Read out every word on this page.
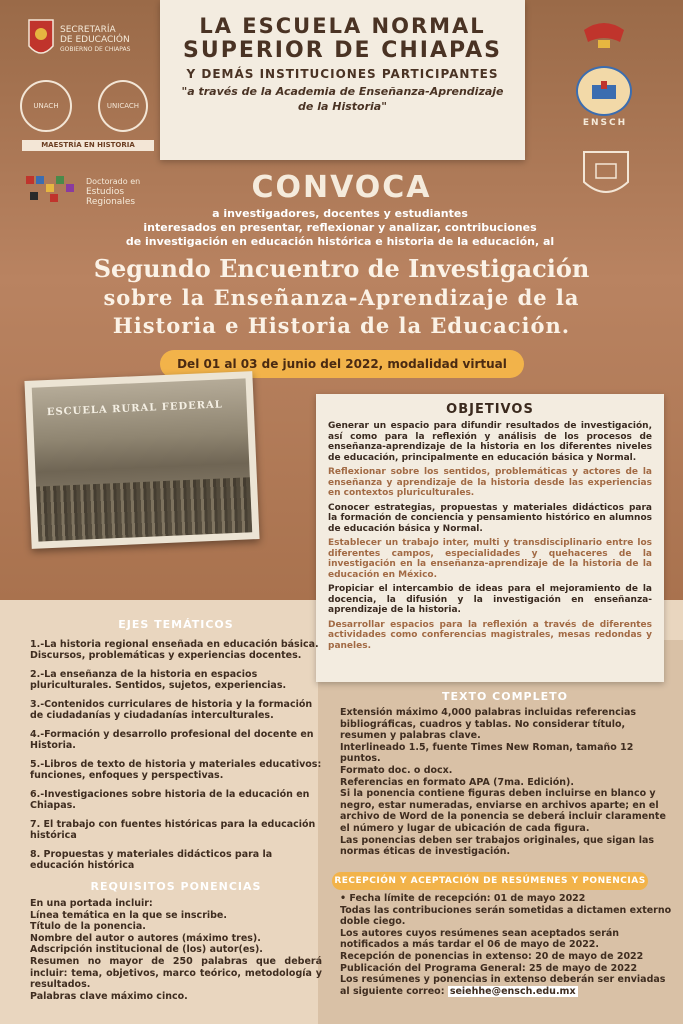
LA ESCUELA NORMAL
SUPERIOR DE CHIAPAS
Y DEMÁS INSTITUCIONES PARTICIPANTES
"a través de la Academia de Enseñanza-Aprendizaje
de la Historia"
SECRETARÍA
DE EDUCACIÓN
GOBIERNO DE CHIAPAS
UNACH	UNICACH
MAESTRÍA EN HISTORIA
Doctorado en
Estudios
Regionales
ENSCH
CONVOCA
a investigadores, docentes y estudiantes
interesados en presentar, reflexionar y analizar, contribuciones
de investigación en educación histórica e historia de la educación, al
Segundo Encuentro de Investigación
sobre la Enseñanza-Aprendizaje de la
Historia e Historia de la Educación.
Del 01 al 03 de junio del 2022, modalidad virtual
ESCUELA RURAL FEDERAL	OBJETIVOS

Generar un espacio para difundir resultados de investigación, así como para la reflexión y análisis de los procesos de enseñanza-aprendizaje de la historia en los diferentes niveles de educación, principalmente en educación básica y Normal.

Reflexionar sobre los sentidos, problemáticas y actores de la enseñanza y aprendizaje de la historia desde las experiencias en contextos pluriculturales.

Conocer estrategias, propuestas y materiales didácticos para la formación de conciencia y pensamiento histórico en alumnos de educación básica y Normal.

Establecer un trabajo inter, multi y transdisciplinario entre los diferentes campos, especialidades y quehaceres de la investigación en la enseñanza-aprendizaje de la historia de la educación en México.

Propiciar el intercambio de ideas para el mejoramiento de la docencia, la difusión y la investigación en enseñanza-aprendizaje de la historia.

Desarrollar espacios para la reflexión a través de diferentes actividades como conferencias magistrales, mesas redondas y paneles.

EJES TEMÁTICOS
1.-La historia regional enseñada en educación básica. Discursos, problemáticas y experiencias docentes.
2.-La enseñanza de la historia en espacios pluriculturales. Sentidos, sujetos, experiencias.
3.-Contenidos curriculares de historia y la formación de ciudadanías y ciudadanías interculturales.
4.-Formación y desarrollo profesional del docente en Historia.
5.-Libros de texto de historia y materiales educativos: funciones, enfoques y perspectivas.
6.-Investigaciones sobre historia de la educación en Chiapas.
7. El trabajo con fuentes históricas para la educación histórica
8. Propuestas y materiales didácticos para la educación histórica
REQUISITOS PONENCIAS

En una portada incluir:

Línea temática en la que se inscribe.

Título de la ponencia.

Nombre del autor o autores (máximo tres).

Adscripción institucional de (los) autor(es).

Resumen no mayor de 250 palabras que deberá incluir: tema, objetivos, marco teórico, metodología y resultados.

Palabras clave máximo cinco.

TEXTO COMPLETO

Extensión máximo 4,000 palabras incluidas referencias bibliográficas, cuadros y tablas. No considerar título, resumen y palabras clave.

Interlineado 1.5, fuente Times New Roman, tamaño 12 puntos.

Formato doc. o docx.

Referencias en formato APA (7ma. Edición).

Si la ponencia contiene figuras deben incluirse en blanco y negro, estar numeradas, enviarse en archivos aparte; en el archivo de Word de la ponencia se deberá incluir claramente el número y lugar de ubicación de cada figura.

Las ponencias deben ser trabajos originales, que sigan las normas éticas de investigación.

RECEPCIÓN Y ACEPTACIÓN DE RESÚMENES Y PONENCIAS

• Fecha límite de recepción: 01 de mayo 2022

Todas las contribuciones serán sometidas a dictamen externo doble ciego.

Los autores cuyos resúmenes sean aceptados serán notificados a más tardar el 06 de mayo de 2022.

Recepción de ponencias in extenso: 20 de mayo de 2022

Publicación del Programa General: 25 de mayo de 2022

Los resúmenes y ponencias in extenso deberán ser enviadas al siguiente correo: seiehhe@ensch.edu.mx
